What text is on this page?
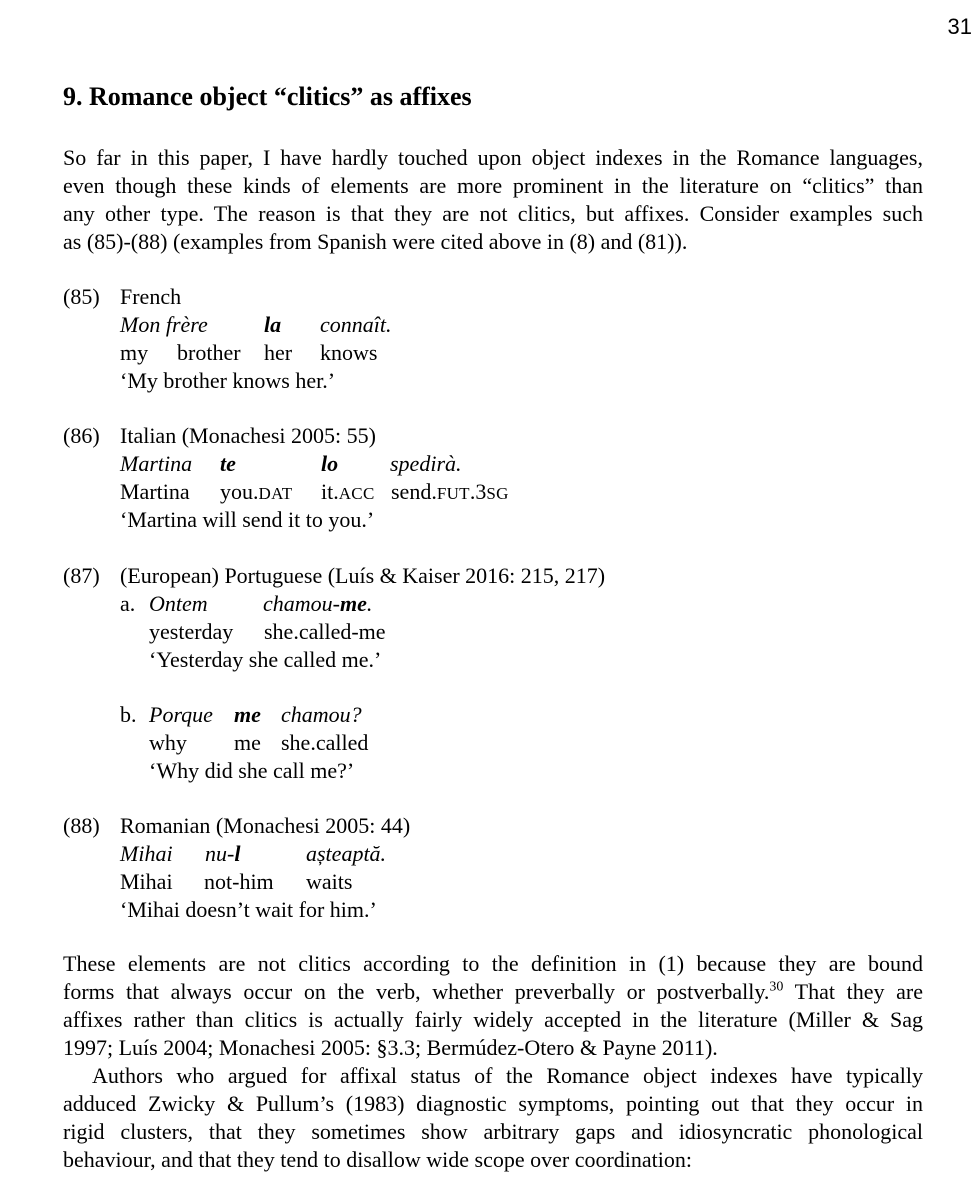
31
9. Romance object “clitics” as affixes
So far in this paper, I have hardly touched upon object indexes in the Romance languages,
even though these kinds of elements are more prominent in the literature on “clitics” than
any other type. The reason is that they are not clitics, but affixes. Consider examples such
as (85)-(88) (examples from Spanish were cited above in (8) and (81)).
(85) French
Mon frère	la connaît.
my brother her knows
‘My brother knows her.’
(86) Italian (Monachesi 2005: 55)
Martina te	lo spedirà.
Martina you.DAT it.ACC send.FUT.3SG
‘Martina will send it to you.’
(87) (European) Portuguese (Luís & Kaiser 2016: 215, 217)
a. Ontem	chamou-me.
yesterday she.called-me
‘Yesterday she called me.’
b. Porque me chamou?
why me she.called
‘Why did she call me?’
(88) Romanian (Monachesi 2005: 44)
Mihai nu-l	așteaptă.
Mihai not-him waits
‘Mihai doesn’t wait for him.’
These elements are not clitics according to the definition in (1) because they are bound
forms that always occur on the verb, whether preverbally or postverbally.$^{30}$ That they are
affixes rather than clitics is actually fairly widely accepted in the literature (Miller & Sag
1997; Luís 2004; Monachesi 2005: §3.3; Bermúdez-Otero & Payne 2011).
Authors who argued for affixal status of the Romance object indexes have typically
adduced Zwicky & Pullum’s (1983) diagnostic symptoms, pointing out that they occur in
rigid clusters, that they sometimes show arbitrary gaps and idiosyncratic phonological
behaviour, and that they tend to disallow wide scope over coordination:
